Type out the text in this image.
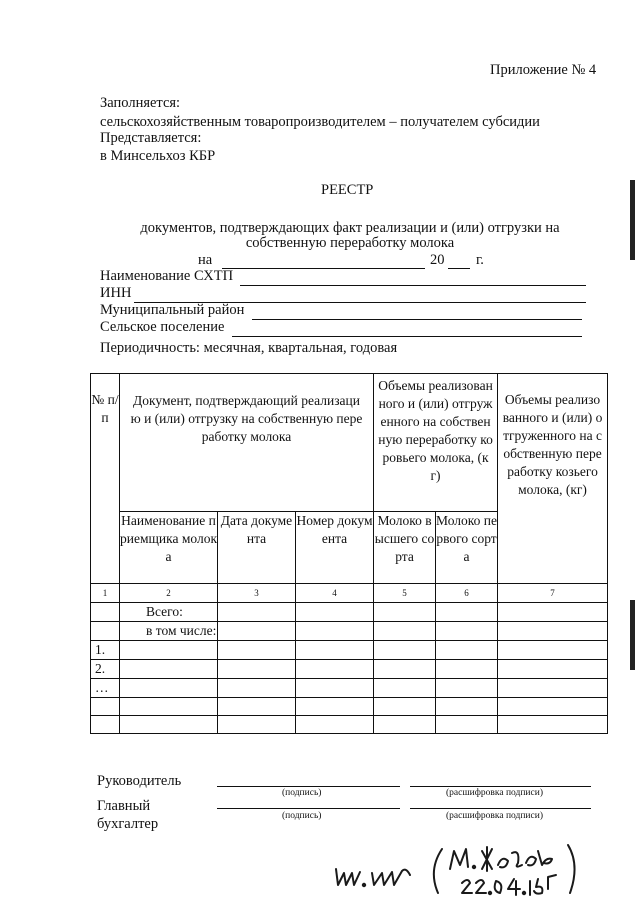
Приложение № 4
Заполняется:
сельскохозяйственным товаропроизводителем – получателем субсидии
Представляется:
в Минсельхоз КБР
РЕЕСТР
документов, подтверждающих факт реализации и (или) отгрузки на
собственную переработку молока
на	20 г.
Наименование СХТП
ИНН
Муниципальный район
Сельское поселение
Периодичность: месячная, квартальная, годовая
№ п/п	Документ, подтверждающий реализацию и (или) отгрузку на собственную переработку молока			Объемы реализованного и (или) отгруженного на собственную переработку коровьего молока, (кг)		Объемы реализованного и (или) отгруженного на собственную переработку козьего молока, (кг)
	Наименование приемщика молока	Дата документа	Номер документа	Молоко высшего сорта	Молоко первого сорта	
1	2	3	4	5	6	7
	Всего:					
	в том числе:					
1.						
2.						
…						

Руководитель
(подпись)	(расшифровка подписи)
Главный
бухгалтер	(подпись)	(расшифровка подписи)
